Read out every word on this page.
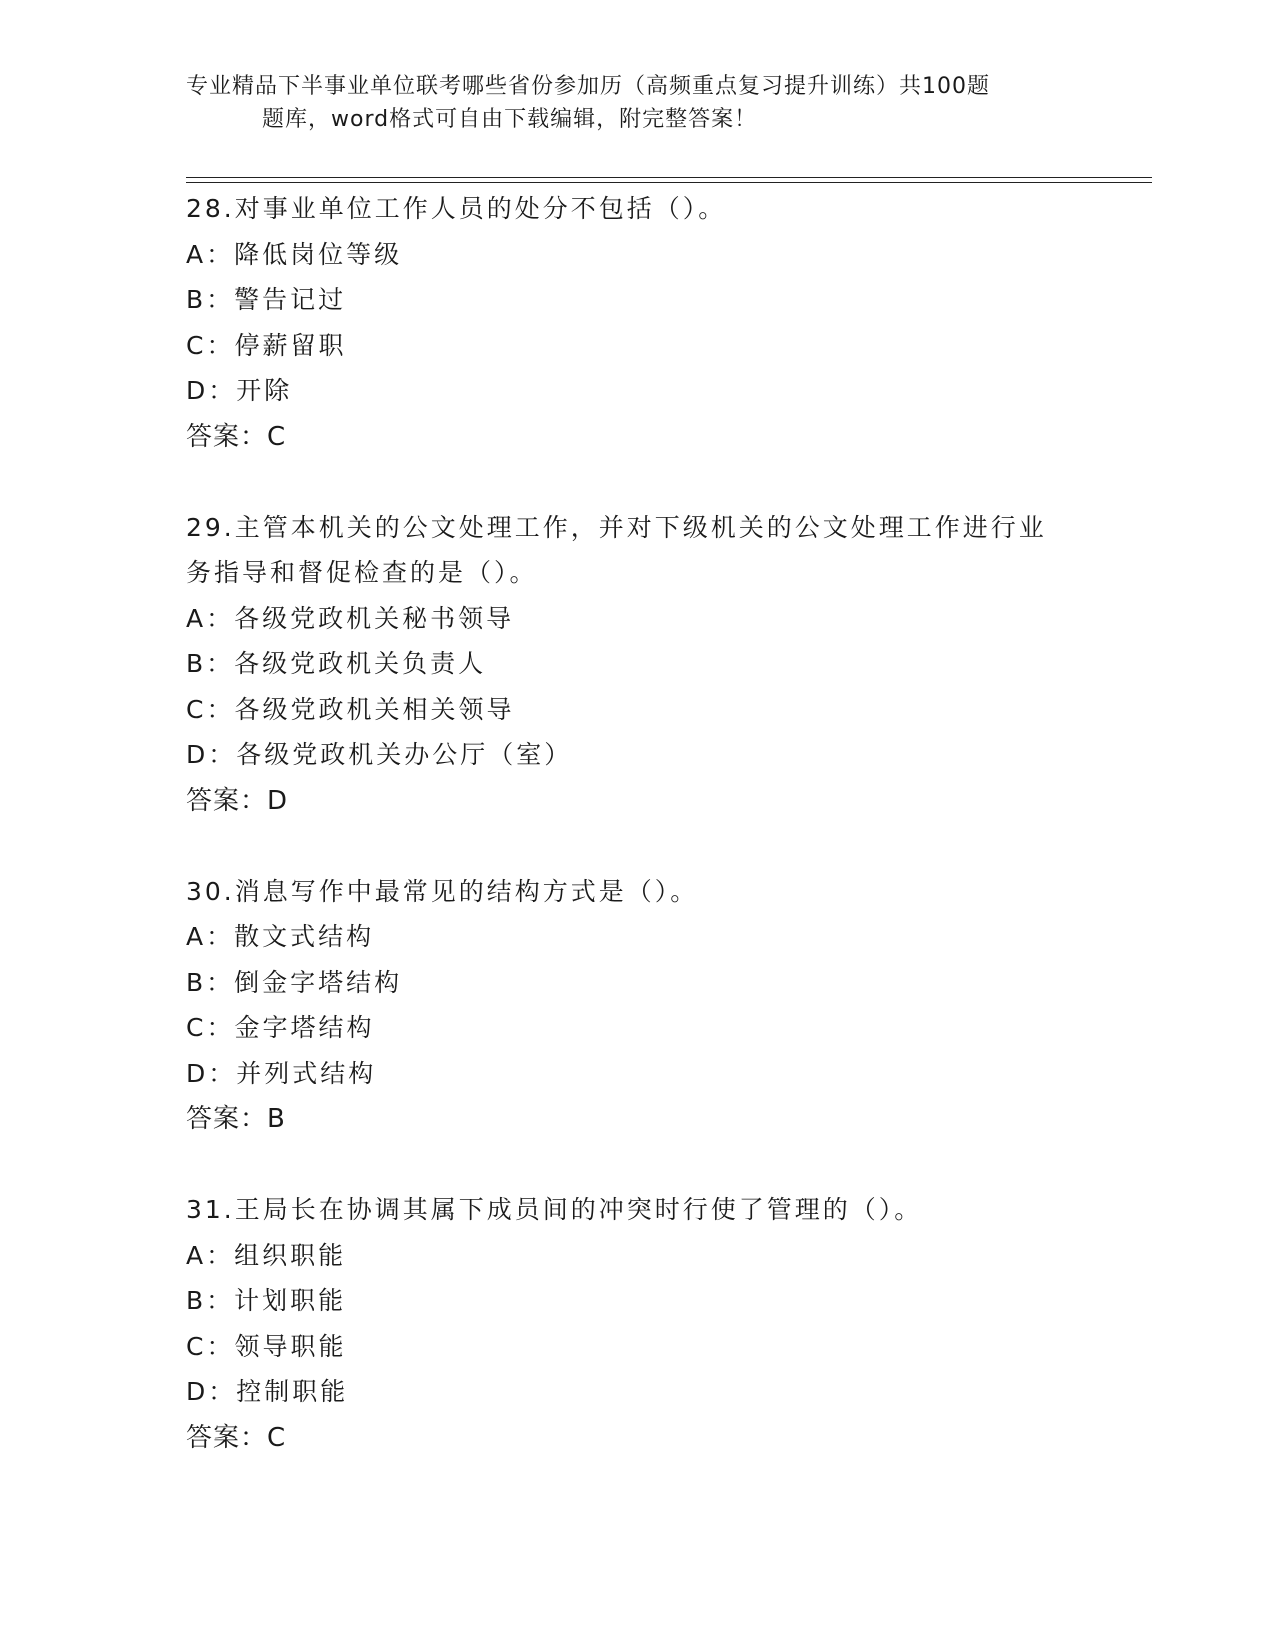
专业精品下半事业单位联考哪些省份参加历（高频重点复习提升训练）共100题
题库，word格式可自由下载编辑，附完整答案！
28.对事业单位工作人员的处分不包括（）。
A：降低岗位等级
B：警告记过
C：停薪留职
D：开除
答案：C
29.主管本机关的公文处理工作，并对下级机关的公文处理工作进行业
务指导和督促检查的是（）。
A：各级党政机关秘书领导
B：各级党政机关负责人
C：各级党政机关相关领导
D：各级党政机关办公厅（室）
答案：D
30.消息写作中最常见的结构方式是（）。
A：散文式结构
B：倒金字塔结构
C：金字塔结构
D：并列式结构
答案：B
31.王局长在协调其属下成员间的冲突时行使了管理的（）。
A：组织职能
B：计划职能
C：领导职能
D：控制职能
答案：C
